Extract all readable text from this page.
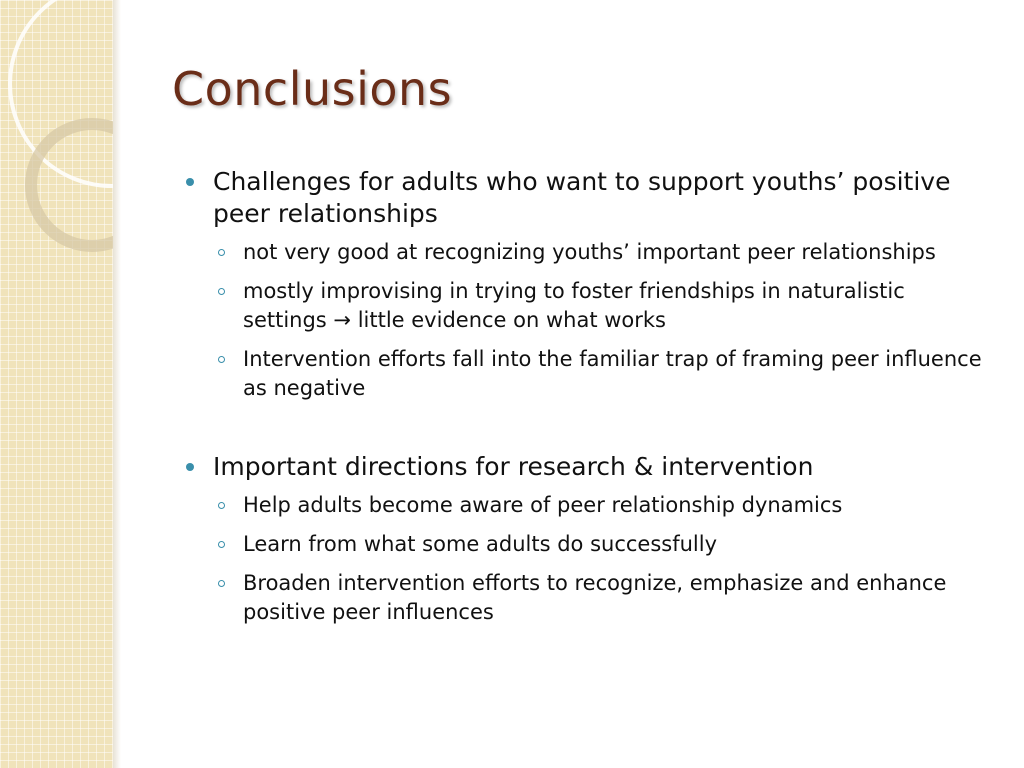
Conclusions
Challenges for adults who want to support youths’ positive peer relationships
not very good at recognizing youths’ important peer relationships
mostly improvising in trying to foster friendships in naturalistic settings → little evidence on what works
Intervention efforts fall into the familiar trap of framing peer influence as negative
Important directions for research & intervention
Help adults become aware of peer relationship dynamics
Learn from what some adults do successfully
Broaden intervention efforts to recognize, emphasize and enhance positive peer influences
